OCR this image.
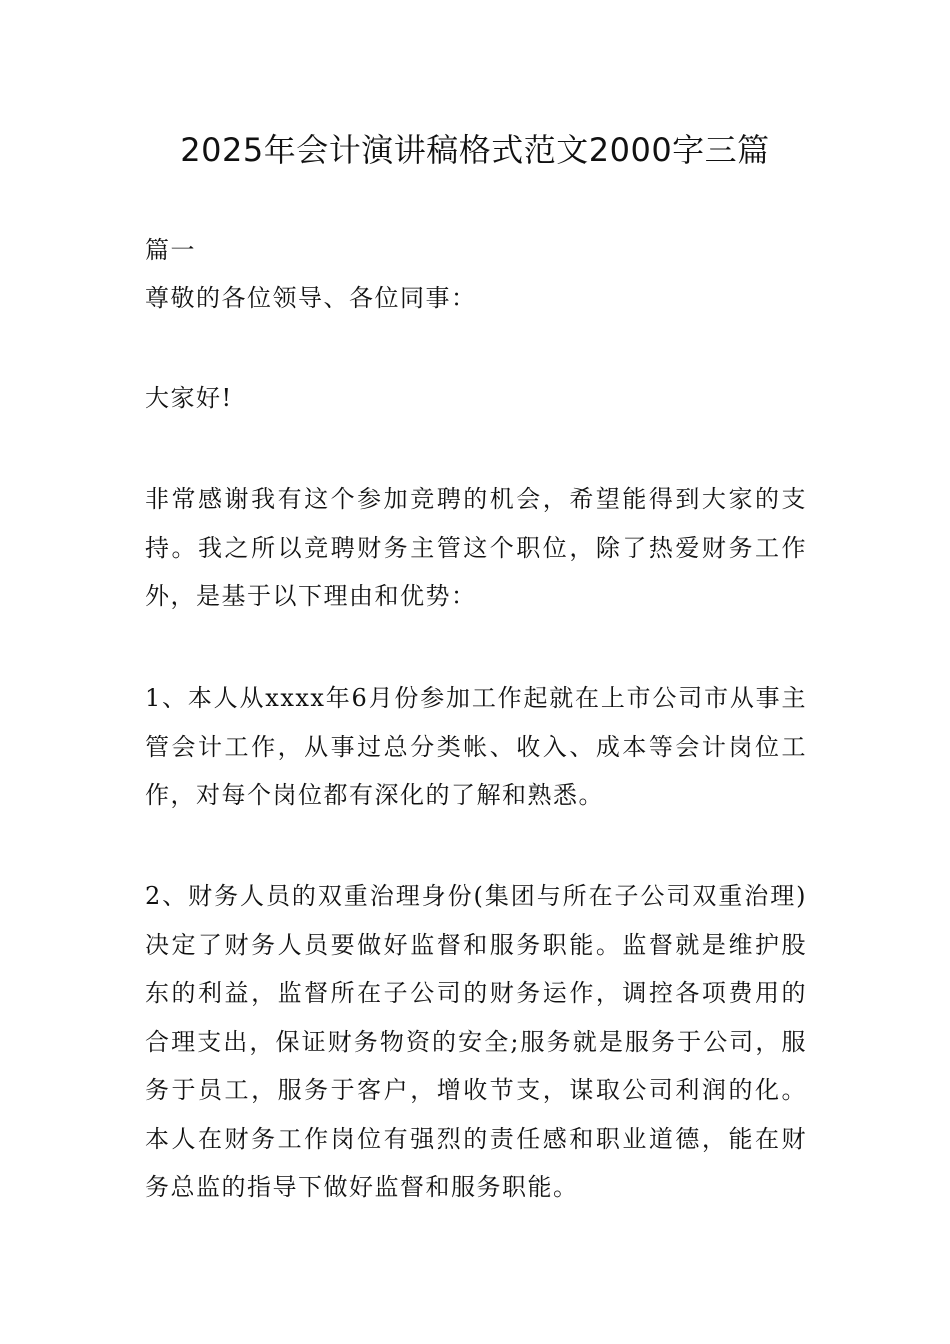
2025年会计演讲稿格式范文2000字三篇
篇一
尊敬的各位领导、各位同事：
大家好!

非常感谢我有这个参加竞聘的机会，希望能得到大家的支持。我之所以竞聘财务主管这个职位，除了热爱财务工作外，是基于以下理由和优势：

1、本人从xxxx年6月份参加工作起就在上市公司市从事主管会计工作，从事过总分类帐、收入、成本等会计岗位工作，对每个岗位都有深化的了解和熟悉。

2、财务人员的双重治理身份(集团与所在子公司双重治理)决定了财务人员要做好监督和服务职能。监督就是维护股东的利益，监督所在子公司的财务运作，调控各项费用的合理支出，保证财务物资的安全;服务就是服务于公司，服务于员工，服务于客户，增收节支，谋取公司利润的化。本人在财务工作岗位有强烈的责任感和职业道德，能在财务总监的指导下做好监督和服务职能。
